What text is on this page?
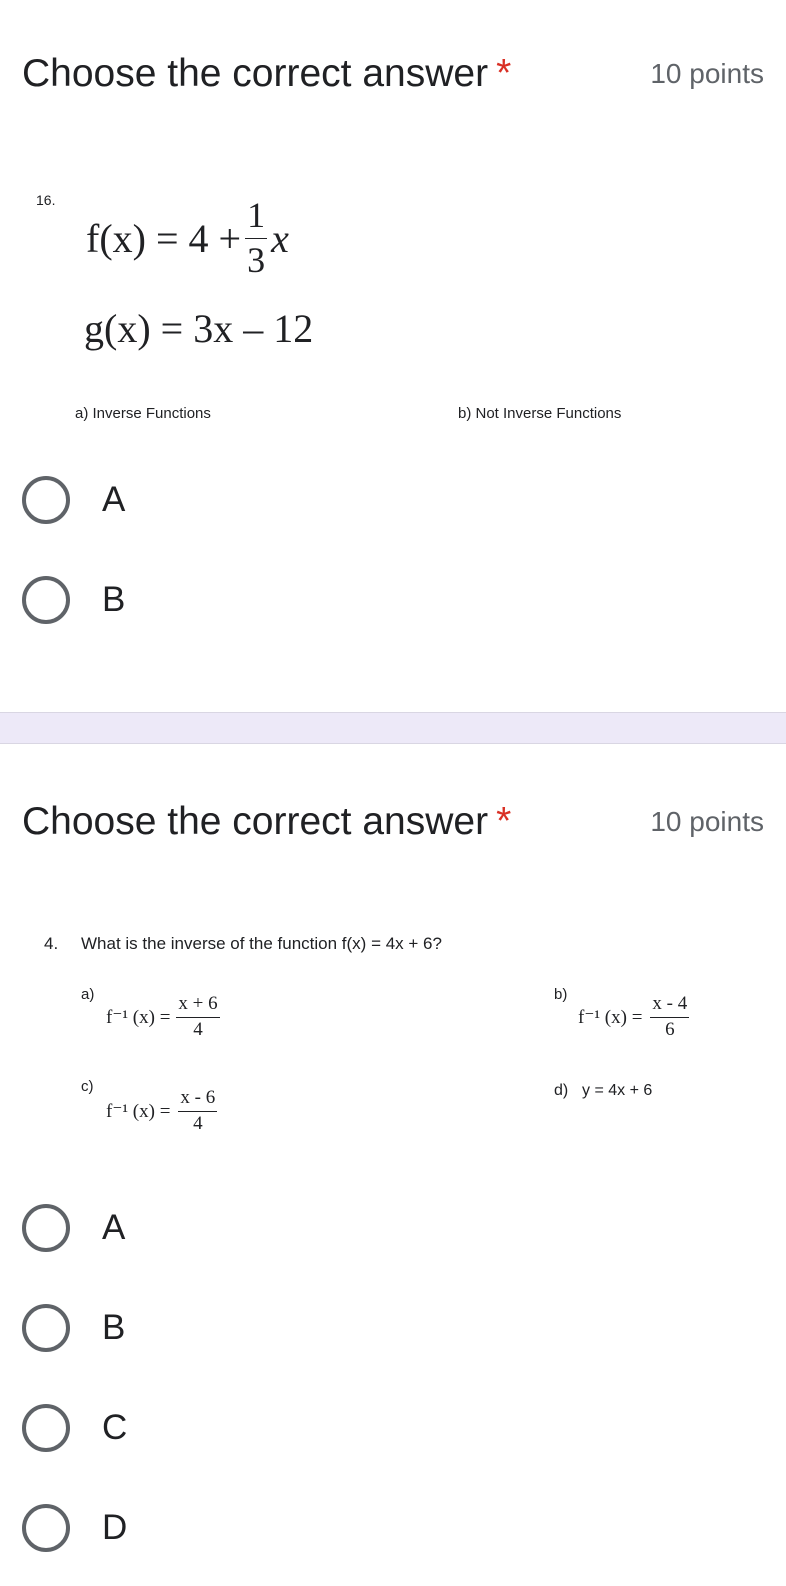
Choose the correct answer *	10 points
16.
$f(x) = 4 + \frac{1}{3}$ x
g(x) = 3x – 12
a) Inverse Functions	b) Not Inverse Functions
A
B
Choose the correct answer *	10 points
4. What is the inverse of the function f(x) = 4x + 6?
a)
f⁻¹ $(x) = \frac{x + 6}{4}$	b)
f⁻¹ $(x) = \frac{x - 4}{6}$
c)
f⁻¹ $(x) = \frac{x - 6}{4}$	d) y = 4x + 6
A
B
C
D
